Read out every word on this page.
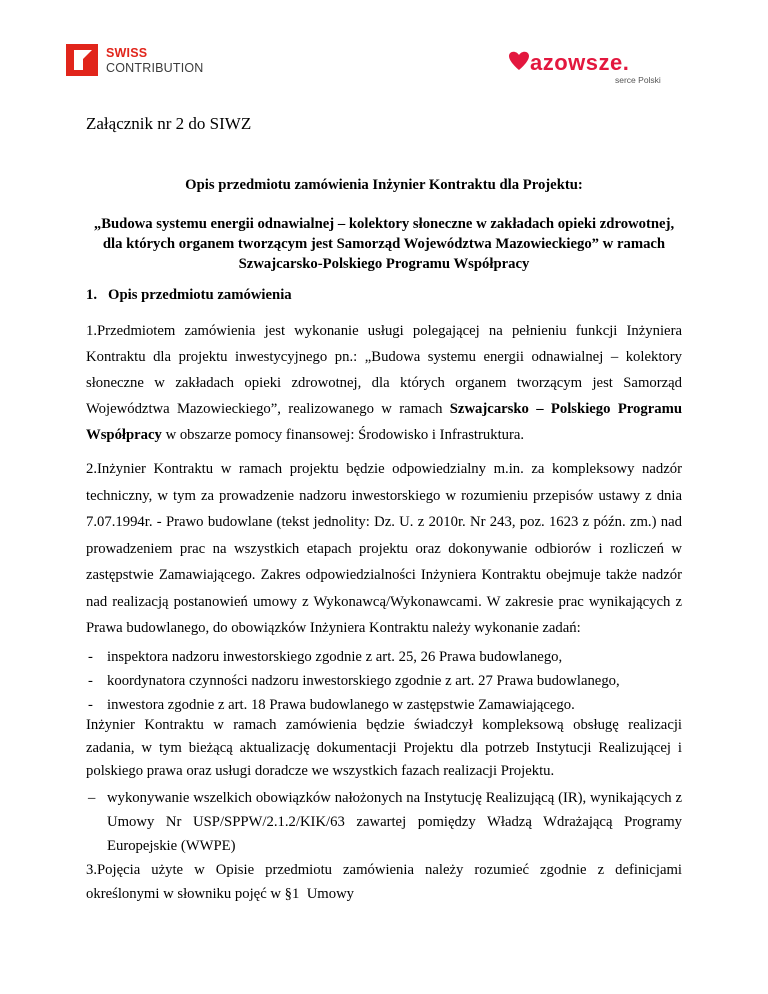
SWISS
CONTRIBUTION	azowsze.
serce Polski
Załącznik nr 2 do SIWZ
Opis przedmiotu zamówienia Inżynier Kontraktu dla Projektu:
„Budowa systemu energii odnawialnej – kolektory słoneczne w zakładach opieki zdrowotnej, dla których organem tworzącym jest Samorząd Województwa Mazowieckiego” w ramach Szwajcarsko-Polskiego Programu Współpracy
1.   Opis przedmiotu zamówienia
1.Przedmiotem zamówienia jest wykonanie usługi polegającej na pełnieniu funkcji Inżyniera Kontraktu dla projektu inwestycyjnego pn.: „Budowa systemu energii odnawialnej – kolektory słoneczne w zakładach opieki zdrowotnej, dla których organem tworzącym jest Samorząd Województwa Mazowieckiego”, realizowanego w ramach Szwajcarsko – Polskiego Programu Współpracy w obszarze pomocy finansowej: Środowisko i Infrastruktura.
2.Inżynier Kontraktu w ramach projektu będzie odpowiedzialny m.in. za kompleksowy nadzór techniczny, w tym za prowadzenie nadzoru inwestorskiego w rozumieniu przepisów ustawy z dnia 7.07.1994r. - Prawo budowlane (tekst jednolity: Dz. U. z 2010r. Nr 243, poz. 1623 z późn. zm.) nad prowadzeniem prac na wszystkich etapach projektu oraz dokonywanie odbiorów i rozliczeń w zastępstwie Zamawiającego. Zakres odpowiedzialności Inżyniera Kontraktu obejmuje także nadzór nad realizacją postanowień umowy z Wykonawcą/Wykonawcami. W zakresie prac wynikających z Prawa budowlanego, do obowiązków Inżyniera Kontraktu należy wykonanie zadań:
- inspektora nadzoru inwestorskiego zgodnie z art. 25, 26 Prawa budowlanego,
- koordynatora czynności nadzoru inwestorskiego zgodnie z art. 27 Prawa budowlanego,
- inwestora zgodnie z art. 18 Prawa budowlanego w zastępstwie Zamawiającego.
Inżynier Kontraktu w ramach zamówienia będzie świadczył kompleksową obsługę realizacji zadania, w tym bieżącą aktualizację dokumentacji Projektu dla potrzeb Instytucji Realizującej i polskiego prawa oraz usługi doradcze we wszystkich fazach realizacji Projektu.
– wykonywanie wszelkich obowiązków nałożonych na Instytucję Realizującą (IR), wynikających z Umowy Nr USP/SPPW/2.1.2/KIK/63 zawartej pomiędzy Władzą Wdrażającą Programy Europejskie (WWPE)
3.Pojęcia użyte w Opisie przedmiotu zamówienia należy rozumieć zgodnie z definicjami określonymi w słowniku pojęć w §1  Umowy
